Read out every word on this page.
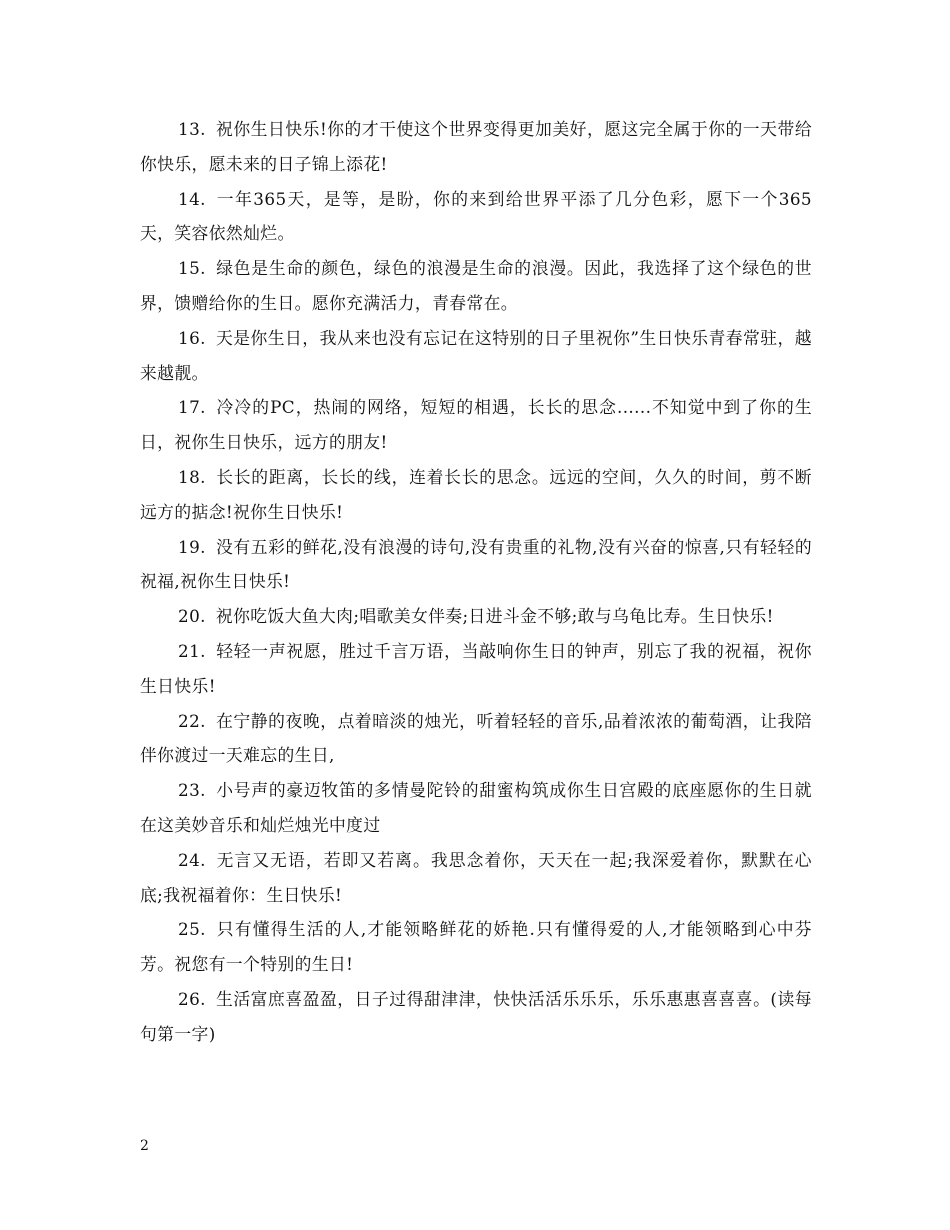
13. 祝你生日快乐!你的才干使这个世界变得更加美好，愿这完全属于你的一天带给你快乐，愿未来的日子锦上添花!

14. 一年365天，是等，是盼，你的来到给世界平添了几分色彩，愿下一个365天，笑容依然灿烂。

15. 绿色是生命的颜色，绿色的浪漫是生命的浪漫。因此，我选择了这个绿色的世界，馈赠给你的生日。愿你充满活力，青春常在。

16. 天是你生日，我从来也没有忘记在这特别的日子里祝你”生日快乐青春常驻，越来越靓。

17. 冷冷的PC，热闹的网络，短短的相遇，长长的思念......不知觉中到了你的生日，祝你生日快乐，远方的朋友!

18. 长长的距离，长长的线，连着长长的思念。远远的空间，久久的时间，剪不断远方的掂念!祝你生日快乐!

19. 没有五彩的鲜花,没有浪漫的诗句,没有贵重的礼物,没有兴奋的惊喜,只有轻轻的祝福,祝你生日快乐!

20. 祝你吃饭大鱼大肉;唱歌美女伴奏;日进斗金不够;敢与乌龟比寿。生日快乐!

21. 轻轻一声祝愿，胜过千言万语，当敲响你生日的钟声，别忘了我的祝福，祝你生日快乐!

22. 在宁静的夜晚，点着暗淡的烛光，听着轻轻的音乐,品着浓浓的葡萄酒，让我陪伴你渡过一天难忘的生日,

23. 小号声的豪迈牧笛的多情曼陀铃的甜蜜构筑成你生日宫殿的底座愿你的生日就在这美妙音乐和灿烂烛光中度过

24. 无言又无语，若即又若离。我思念着你，天天在一起;我深爱着你，默默在心底;我祝福着你：生日快乐!

25. 只有懂得生活的人,才能领略鲜花的娇艳.只有懂得爱的人,才能领略到心中芬芳。祝您有一个特别的生日!

26. 生活富庶喜盈盈，日子过得甜津津，快快活活乐乐乐，乐乐惠惠喜喜喜。(读每句第一字)

2
